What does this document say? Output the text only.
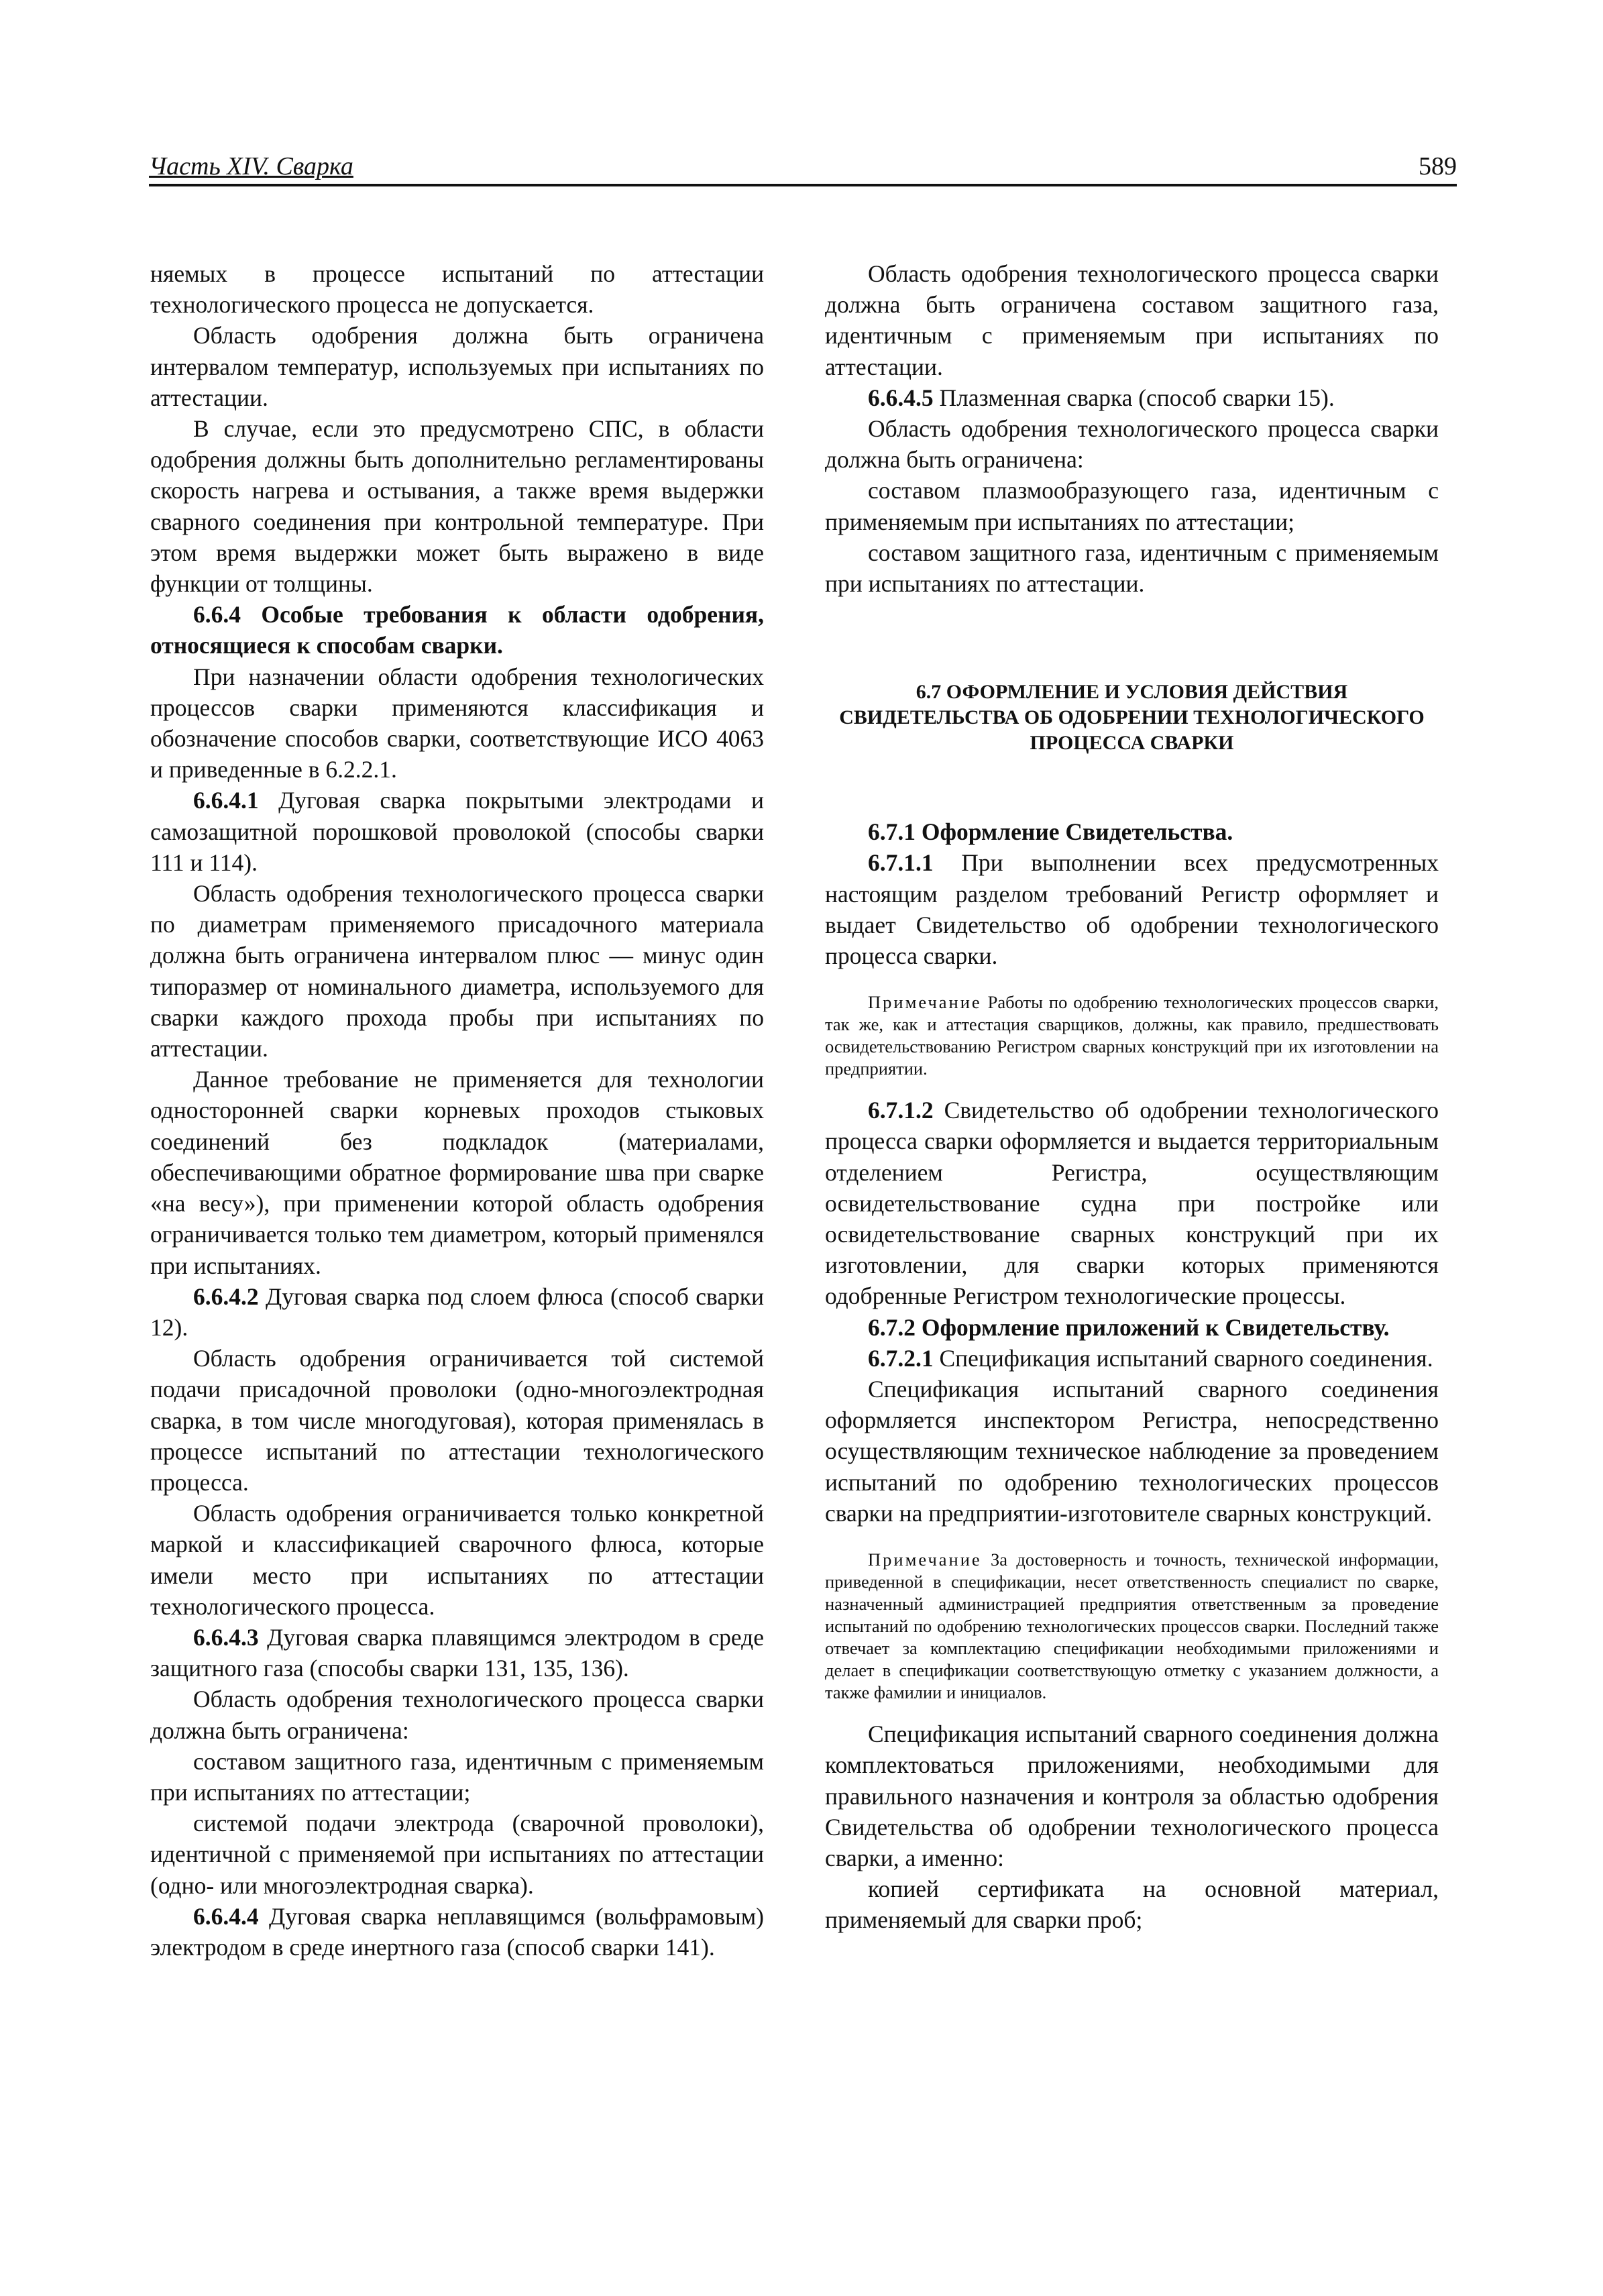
Часть XIV. Сварка	589

няемых в процессе испытаний по аттестации технологического процесса не допускается.

Область одобрения должна быть ограничена интервалом температур, используемых при испытаниях по аттестации.

В случае, если это предусмотрено СПС, в области одобрения должны быть дополнительно регламентированы скорость нагрева и остывания, а также время выдержки сварного соединения при контрольной температуре. При этом время выдержки может быть выражено в виде функции от толщины.

6.6.4 Особые требования к области одобрения, относящиеся к способам сварки.

При назначении области одобрения технологических процессов сварки применяются классификация и обозначение способов сварки, соответствующие ИСО 4063 и приведенные в 6.2.2.1.

6.6.4.1 Дуговая сварка покрытыми электродами и самозащитной порошковой проволокой (способы сварки 111 и 114).

Область одобрения технологического процесса сварки по диаметрам применяемого присадочного материала должна быть ограничена интервалом плюс — минус один типоразмер от номинального диаметра, используемого для сварки каждого прохода пробы при испытаниях по аттестации.

Данное требование не применяется для технологии односторонней сварки корневых проходов стыковых соединений без подкладок (материалами, обеспечивающими обратное формирование шва при сварке «на весу»), при применении которой область одобрения ограничивается только тем диаметром, который применялся при испытаниях.

6.6.4.2 Дуговая сварка под слоем флюса (способ сварки 12).

Область одобрения ограничивается той системой подачи присадочной проволоки (одно-многоэлектродная сварка, в том числе многодуговая), которая применялась в процессе испытаний по аттестации технологического процесса.

Область одобрения ограничивается только конкретной маркой и классификацией сварочного флюса, которые имели место при испытаниях по аттестации технологического процесса.

6.6.4.3 Дуговая сварка плавящимся электродом в среде защитного газа (способы сварки 131, 135, 136).

Область одобрения технологического процесса сварки должна быть ограничена:

составом защитного газа, идентичным с применяемым при испытаниях по аттестации;

системой подачи электрода (сварочной проволоки), идентичной с применяемой при испытаниях по аттестации (одно- или многоэлектродная сварка).

6.6.4.4 Дуговая сварка неплавящимся (вольфрамовым) электродом в среде инертного газа (способ сварки 141).

Область одобрения технологического процесса сварки должна быть ограничена составом защитного газа, идентичным с применяемым при испытаниях по аттестации.

6.6.4.5 Плазменная сварка (способ сварки 15).

Область одобрения технологического процесса сварки должна быть ограничена:

составом плазмообразующего газа, идентичным с применяемым при испытаниях по аттестации;

составом защитного газа, идентичным с применяемым при испытаниях по аттестации.

6.7 ОФОРМЛЕНИЕ И УСЛОВИЯ ДЕЙСТВИЯ СВИДЕТЕЛЬСТВА ОБ ОДОБРЕНИИ ТЕХНОЛОГИЧЕСКОГО ПРОЦЕССА СВАРКИ

6.7.1 Оформление Свидетельства.

6.7.1.1 При выполнении всех предусмотренных настоящим разделом требований Регистр оформляет и выдает Свидетельство об одобрении технологического процесса сварки.

Примечание Работы по одобрению технологических процессов сварки, так же, как и аттестация сварщиков, должны, как правило, предшествовать освидетельствованию Регистром сварных конструкций при их изготовлении на предприятии.

6.7.1.2 Свидетельство об одобрении технологического процесса сварки оформляется и выдается территориальным отделением Регистра, осуществляющим освидетельствование судна при постройке или освидетельствование сварных конструкций при их изготовлении, для сварки которых применяются одобренные Регистром технологические процессы.

6.7.2 Оформление приложений к Свидетельству.

6.7.2.1 Спецификация испытаний сварного соединения.

Спецификация испытаний сварного соединения оформляется инспектором Регистра, непосредственно осуществляющим техническое наблюдение за проведением испытаний по одобрению технологических процессов сварки на предприятии-изготовителе сварных конструкций.

Примечание За достоверность и точность, технической информации, приведенной в спецификации, несет ответственность специалист по сварке, назначенный администрацией предприятия ответственным за проведение испытаний по одобрению технологических процессов сварки. Последний также отвечает за комплектацию спецификации необходимыми приложениями и делает в спецификации соответствующую отметку с указанием должности, а также фамилии и инициалов.

Спецификация испытаний сварного соединения должна комплектоваться приложениями, необходимыми для правильного назначения и контроля за областью одобрения Свидетельства об одобрении технологического процесса сварки, а именно:

копией сертификата на основной материал, применяемый для сварки проб;
